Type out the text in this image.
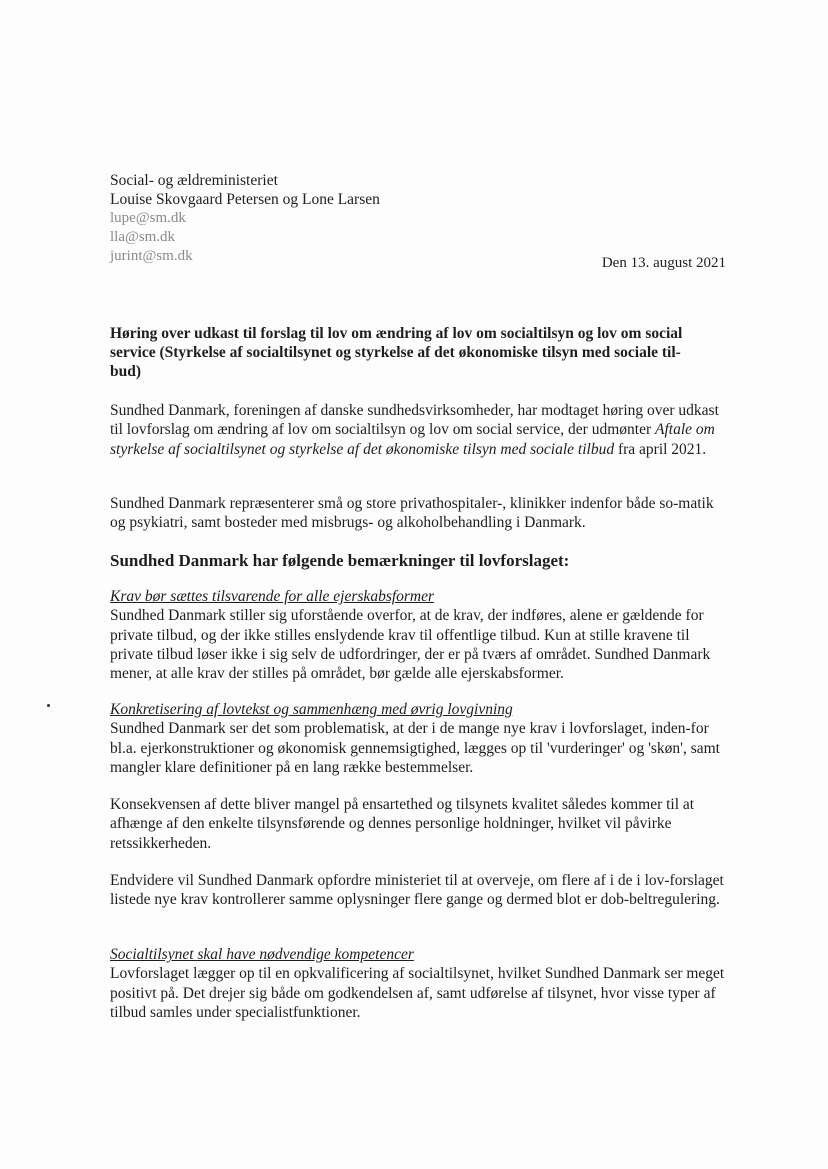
Social- og ældreministeriet
Louise Skovgaard Petersen og Lone Larsen
lupe@sm.dk
lla@sm.dk
jurint@sm.dk	Den 13. august 2021
Høring over udkast til forslag til lov om ændring af lov om socialtilsyn og lov om social service (Styrkelse af socialtilsynet og styrkelse af det økonomiske tilsyn med sociale til-bud)
Sundhed Danmark, foreningen af danske sundhedsvirksomheder, har modtaget høring over udkast til lovforslag om ændring af lov om socialtilsyn og lov om social service, der udmønter Aftale om styrkelse af socialtilsynet og styrkelse af det økonomiske tilsyn med sociale tilbud fra april 2021.
Sundhed Danmark repræsenterer små og store privathospitaler-, klinikker indenfor både so-matik og psykiatri, samt bosteder med misbrugs- og alkoholbehandling i Danmark.
Sundhed Danmark har følgende bemærkninger til lovforslaget:
Krav bør sættes tilsvarende for alle ejerskabsformer
Sundhed Danmark stiller sig uforstående overfor, at de krav, der indføres, alene er gældende for private tilbud, og der ikke stilles enslydende krav til offentlige tilbud. Kun at stille kravene til private tilbud løser ikke i sig selv de udfordringer, der er på tværs af området. Sundhed Danmark mener, at alle krav der stilles på området, bør gælde alle ejerskabsformer.
Konkretisering af lovtekst og sammenhæng med øvrig lovgivning
Sundhed Danmark ser det som problematisk, at der i de mange nye krav i lovforslaget, inden-for bl.a. ejerkonstruktioner og økonomisk gennemsigtighed, lægges op til 'vurderinger' og 'skøn', samt mangler klare definitioner på en lang række bestemmelser.
Konsekvensen af dette bliver mangel på ensartethed og tilsynets kvalitet således kommer til at afhænge af den enkelte tilsynsførende og dennes personlige holdninger, hvilket vil påvirke retssikkerheden.
Endvidere vil Sundhed Danmark opfordre ministeriet til at overveje, om flere af i de i lov-forslaget listede nye krav kontrollerer samme oplysninger flere gange og dermed blot er dob-beltregulering.
Socialtilsynet skal have nødvendige kompetencer
Lovforslaget lægger op til en opkvalificering af socialtilsynet, hvilket Sundhed Danmark ser meget positivt på. Det drejer sig både om godkendelsen af, samt udførelse af tilsynet, hvor visse typer af tilbud samles under specialistfunktioner.
